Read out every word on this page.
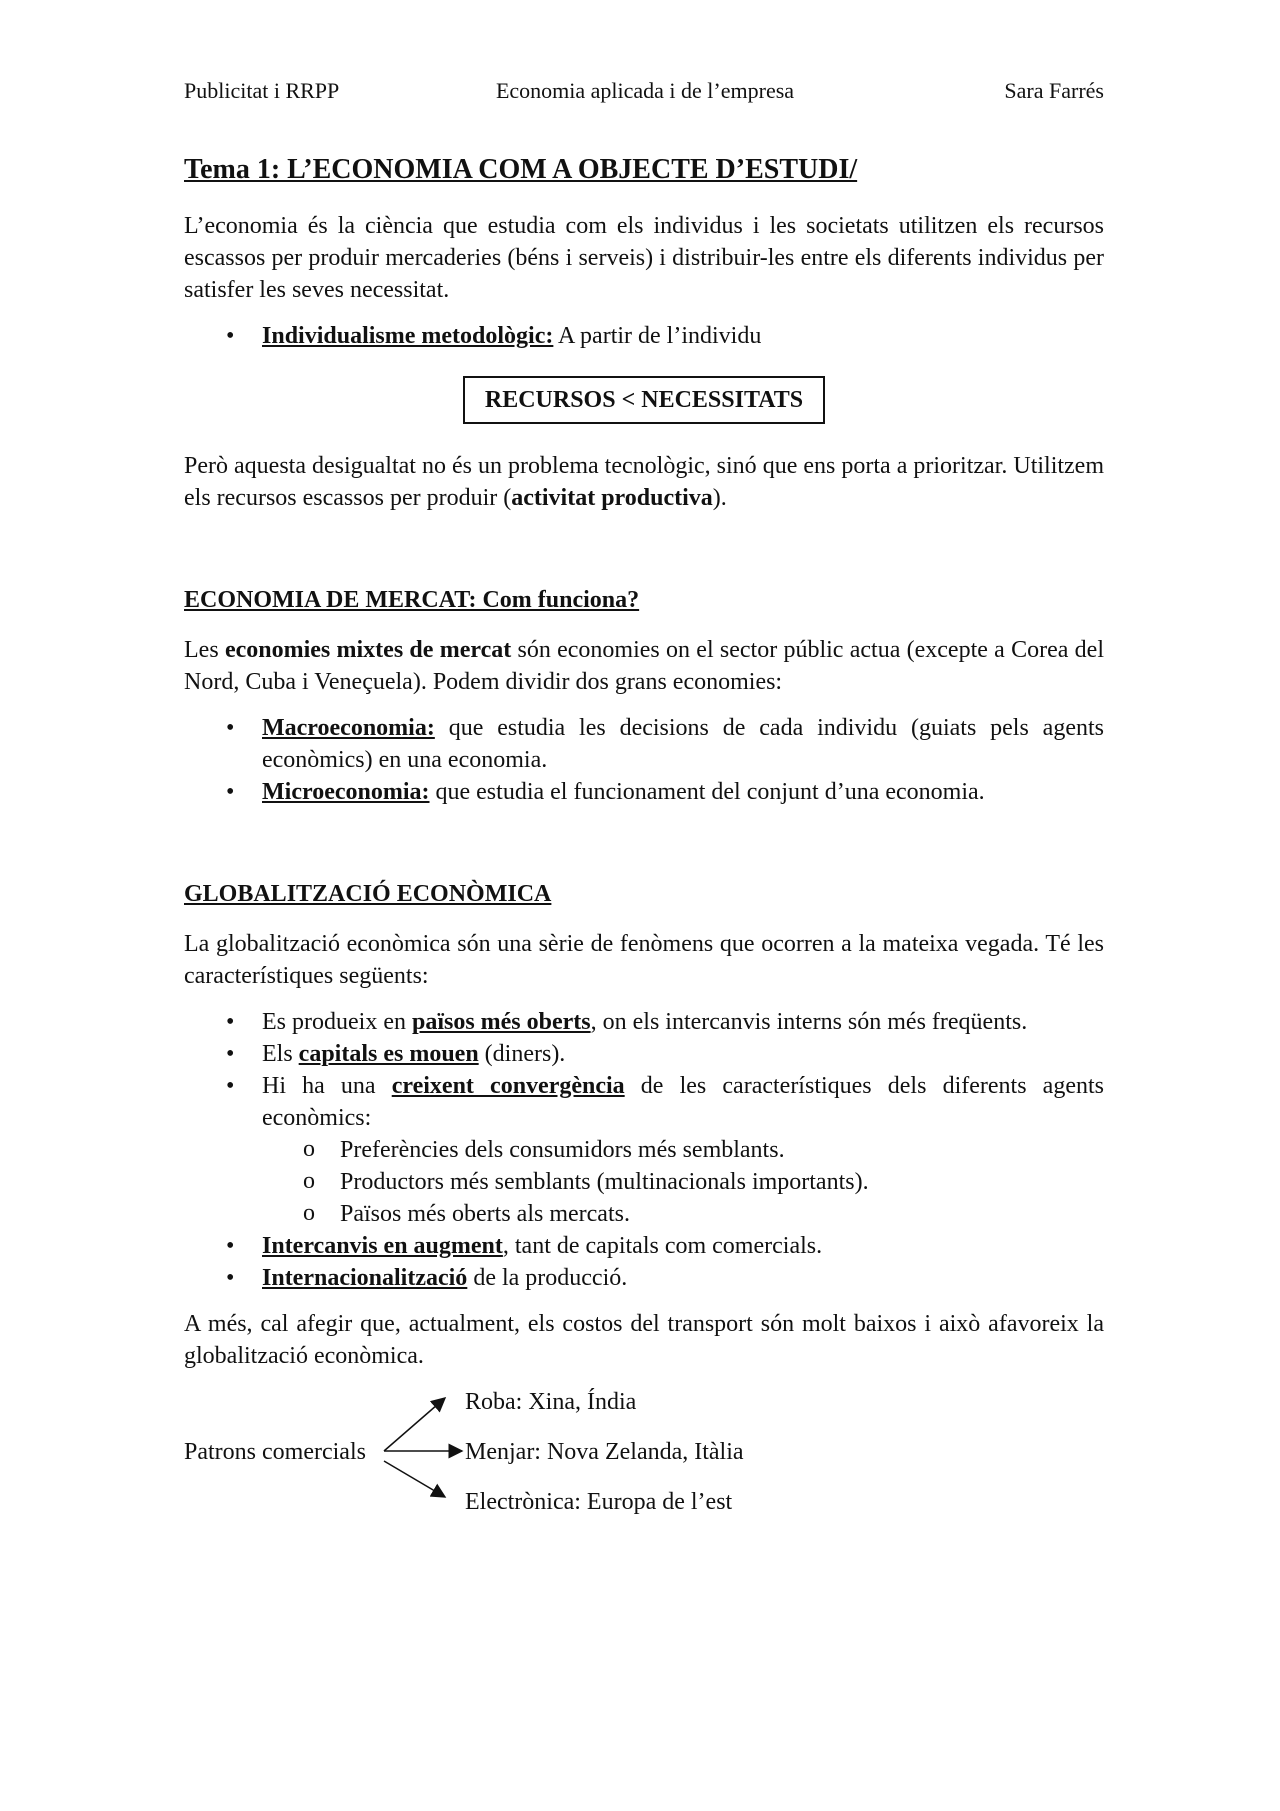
Publicitat i RRPP	Economia aplicada i de l’empresa	Sara Farrés
Tema 1: L’ECONOMIA COM A OBJECTE D’ESTUDI/

L’economia és la ciència que estudia com els individus i les societats utilitzen els recursos escassos per produir mercaderies (béns i serveis) i distribuir-les entre els diferents individus per satisfer les seves necessitat.

• Individualisme metodològic: A partir de l’individu
RECURSOS < NECESSITATS

Però aquesta desigualtat no és un problema tecnològic, sinó que ens porta a prioritzar. Utilitzem els recursos escassos per produir (activitat productiva).

ECONOMIA DE MERCAT: Com funciona?

Les economies mixtes de mercat són economies on el sector públic actua (excepte a Corea del Nord, Cuba i Veneçuela). Podem dividir dos grans economies:

• Macroeconomia: que estudia les decisions de cada individu (guiats pels agents econòmics) en una economia.
• Microeconomia: que estudia el funcionament del conjunt d’una economia.
GLOBALITZACIÓ ECONÒMICA

La globalització econòmica són una sèrie de fenòmens que ocorren a la mateixa vegada. Té les característiques següents:

• Es produeix en països més oberts, on els intercanvis interns són més freqüents.
• Els capitals es mouen (diners).
• Hi ha una creixent convergència de les característiques dels diferents agents econòmics:
o Preferències dels consumidors més semblants.
o Productors més semblants (multinacionals importants).
o Països més oberts als mercats.
• Intercanvis en augment, tant de capitals com comercials.
• Internacionalització de la producció.

A més, cal afegir que, actualment, els costos del transport són molt baixos i això afavoreix la globalització econòmica.

Patrons comercials
Roba: Xina, Índia
Menjar: Nova Zelanda, Itàlia
Electrònica: Europa de l’est
